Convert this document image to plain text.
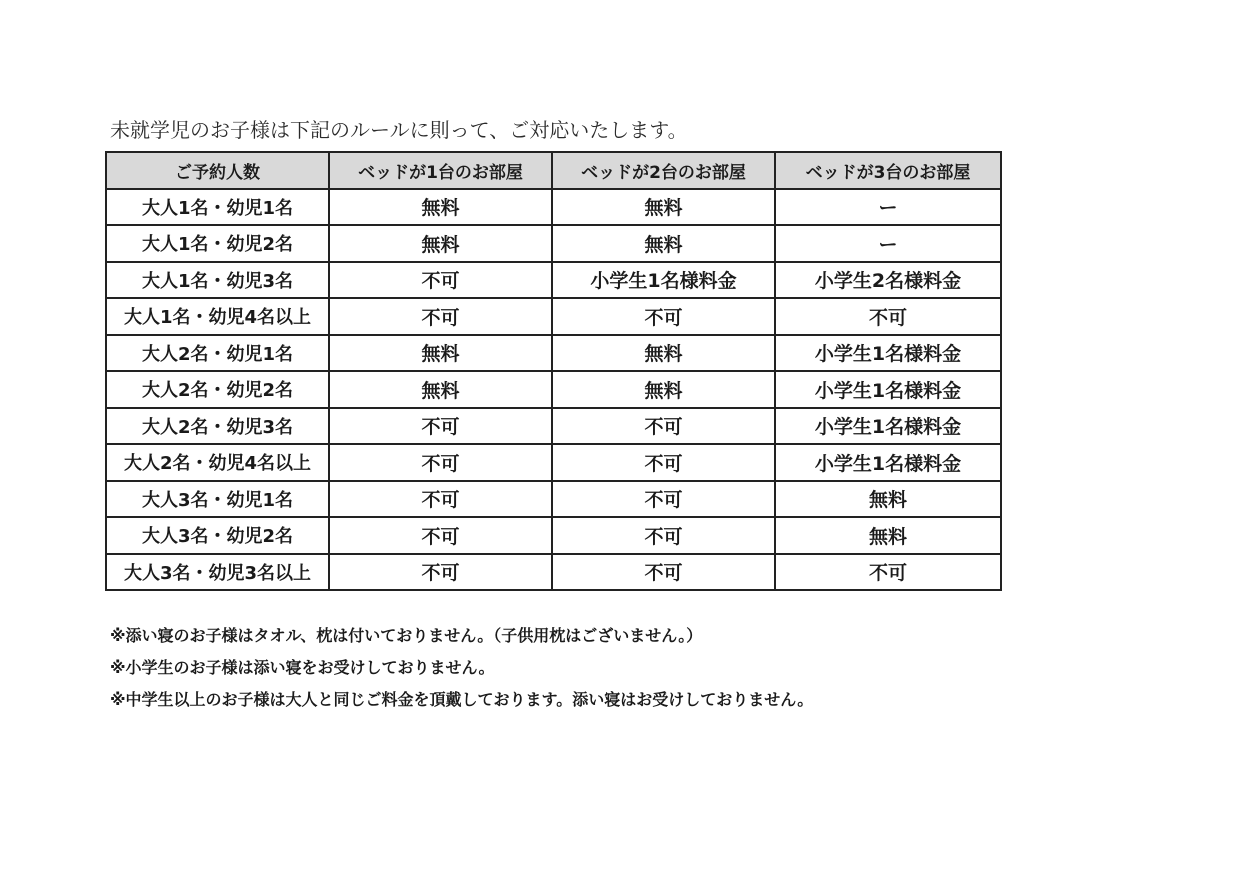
未就学児のお子様は下記のルールに則って、ご対応いたします。
ご予約人数	ベッドが1台のお部屋	ベッドが2台のお部屋	ベッドが3台のお部屋
大人1名・幼児1名	無料	無料	ー
大人1名・幼児2名	無料	無料	ー
大人1名・幼児3名	不可	小学生1名様料金	小学生2名様料金
大人1名・幼児4名以上	不可	不可	不可
大人2名・幼児1名	無料	無料	小学生1名様料金
大人2名・幼児2名	無料	無料	小学生1名様料金
大人2名・幼児3名	不可	不可	小学生1名様料金
大人2名・幼児4名以上	不可	不可	小学生1名様料金
大人3名・幼児1名	不可	不可	無料
大人3名・幼児2名	不可	不可	無料
大人3名・幼児3名以上	不可	不可	不可
※添い寝のお子様はタオル、枕は付いておりません。（子供用枕はございません。）
※小学生のお子様は添い寝をお受けしておりません。
※中学生以上のお子様は大人と同じご料金を頂戴しております。添い寝はお受けしておりません。
